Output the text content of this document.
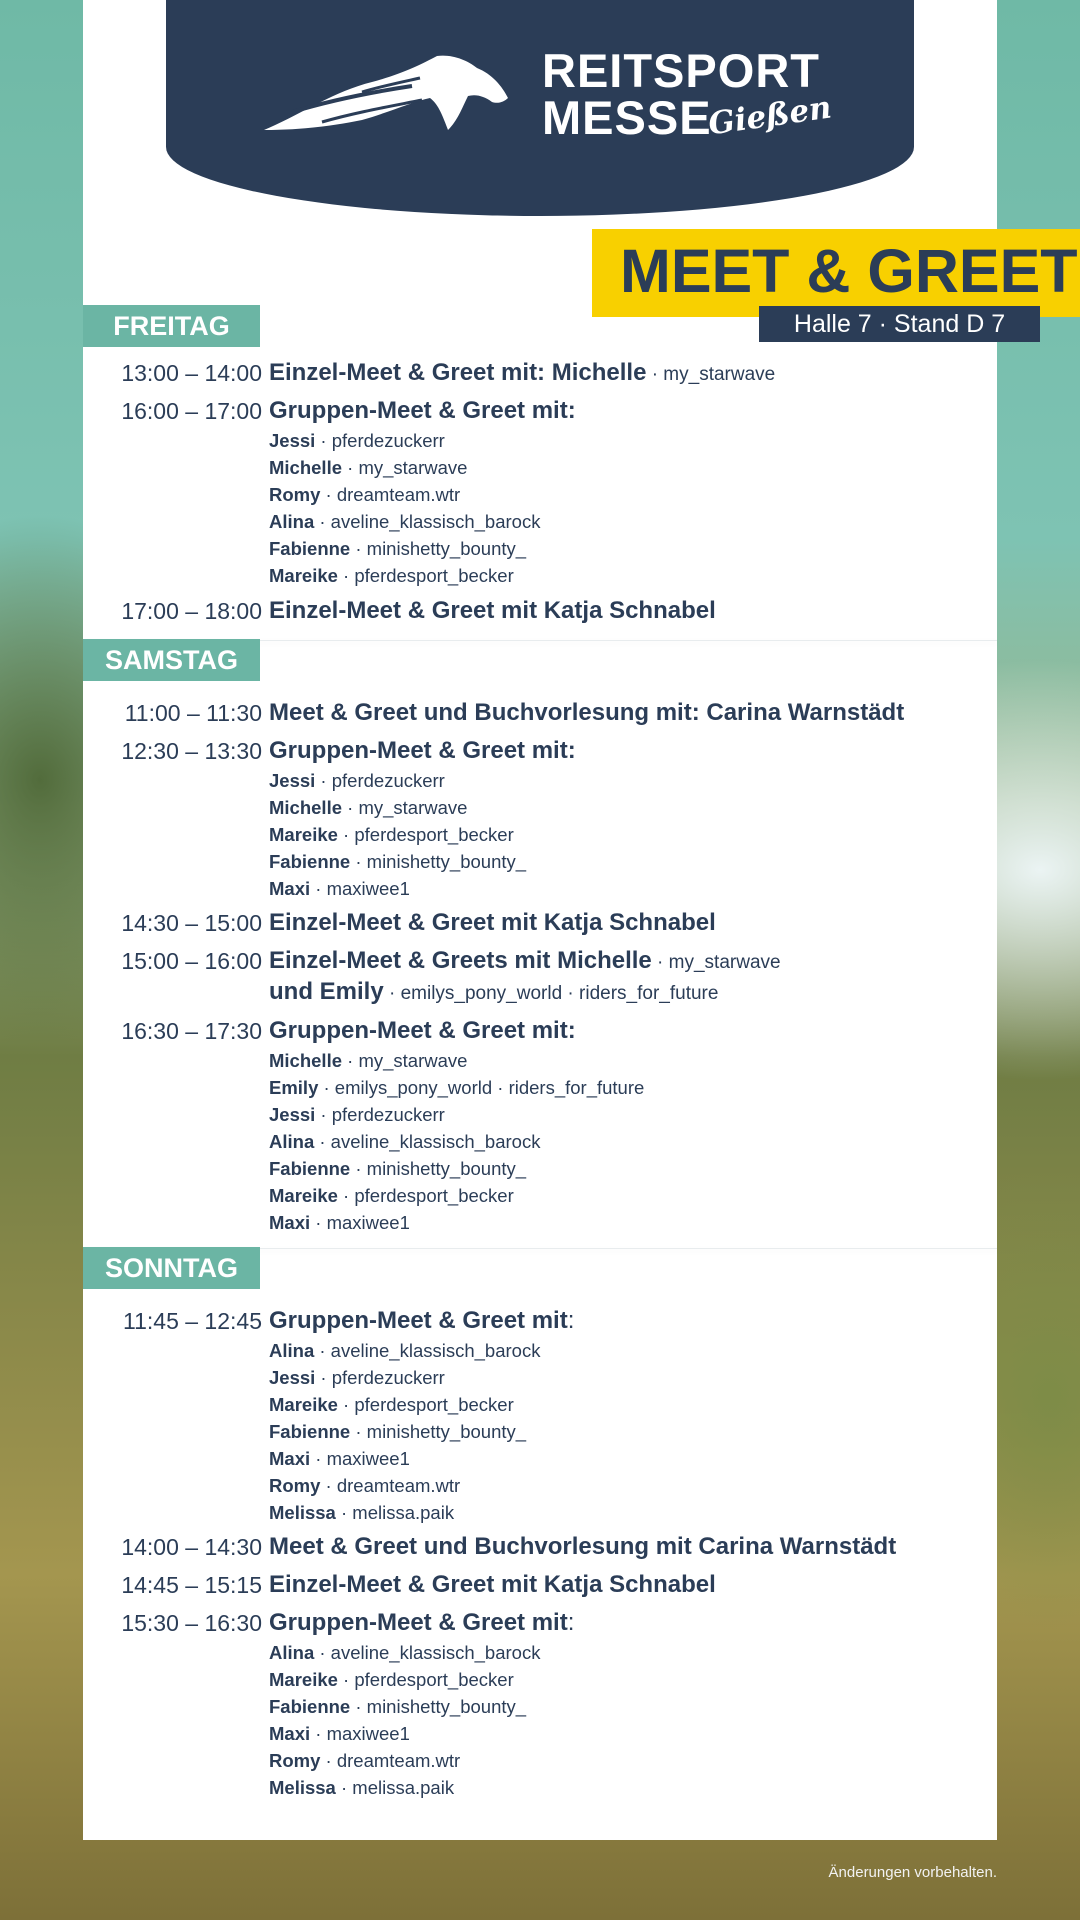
REITSPORT
MESSE
Gießen
MEET & GREET
Halle 7 · Stand D 7
FREITAG
13:00 – 14:00 Einzel-Meet & Greet mit: Michelle · my_starwave
16:00 – 17:00 Gruppen-Meet & Greet mit:
Jessi · pferdezuckerr
Michelle · my_starwave
Romy · dreamteam.wtr
Alina · aveline_klassisch_barock
Fabienne · minishetty_bounty_
Mareike · pferdesport_becker
17:00 – 18:00 Einzel-Meet & Greet mit Katja Schnabel
SAMSTAG
11:00 – 11:30 Meet & Greet und Buchvorlesung mit: Carina Warnstädt
12:30 – 13:30 Gruppen-Meet & Greet mit:
Jessi · pferdezuckerr
Michelle · my_starwave
Mareike · pferdesport_becker
Fabienne · minishetty_bounty_
Maxi · maxiwee1
14:30 – 15:00 Einzel-Meet & Greet mit Katja Schnabel
15:00 – 16:00 Einzel-Meet & Greets mit Michelle · my_starwave
und Emily · emilys_pony_world · riders_for_future
16:30 – 17:30 Gruppen-Meet & Greet mit:
Michelle · my_starwave
Emily · emilys_pony_world · riders_for_future
Jessi · pferdezuckerr
Alina · aveline_klassisch_barock
Fabienne · minishetty_bounty_
Mareike · pferdesport_becker
Maxi · maxiwee1
SONNTAG
11:45 – 12:45 Gruppen-Meet & Greet mit:
Alina · aveline_klassisch_barock
Jessi · pferdezuckerr
Mareike · pferdesport_becker
Fabienne · minishetty_bounty_
Maxi · maxiwee1
Romy · dreamteam.wtr
Melissa · melissa.paik
14:00 – 14:30 Meet & Greet und Buchvorlesung mit Carina Warnstädt
14:45 – 15:15 Einzel-Meet & Greet mit Katja Schnabel
15:30 – 16:30 Gruppen-Meet & Greet mit:
Alina · aveline_klassisch_barock
Mareike · pferdesport_becker
Fabienne · minishetty_bounty_
Maxi · maxiwee1
Romy · dreamteam.wtr
Melissa · melissa.paik
Änderungen vorbehalten.
